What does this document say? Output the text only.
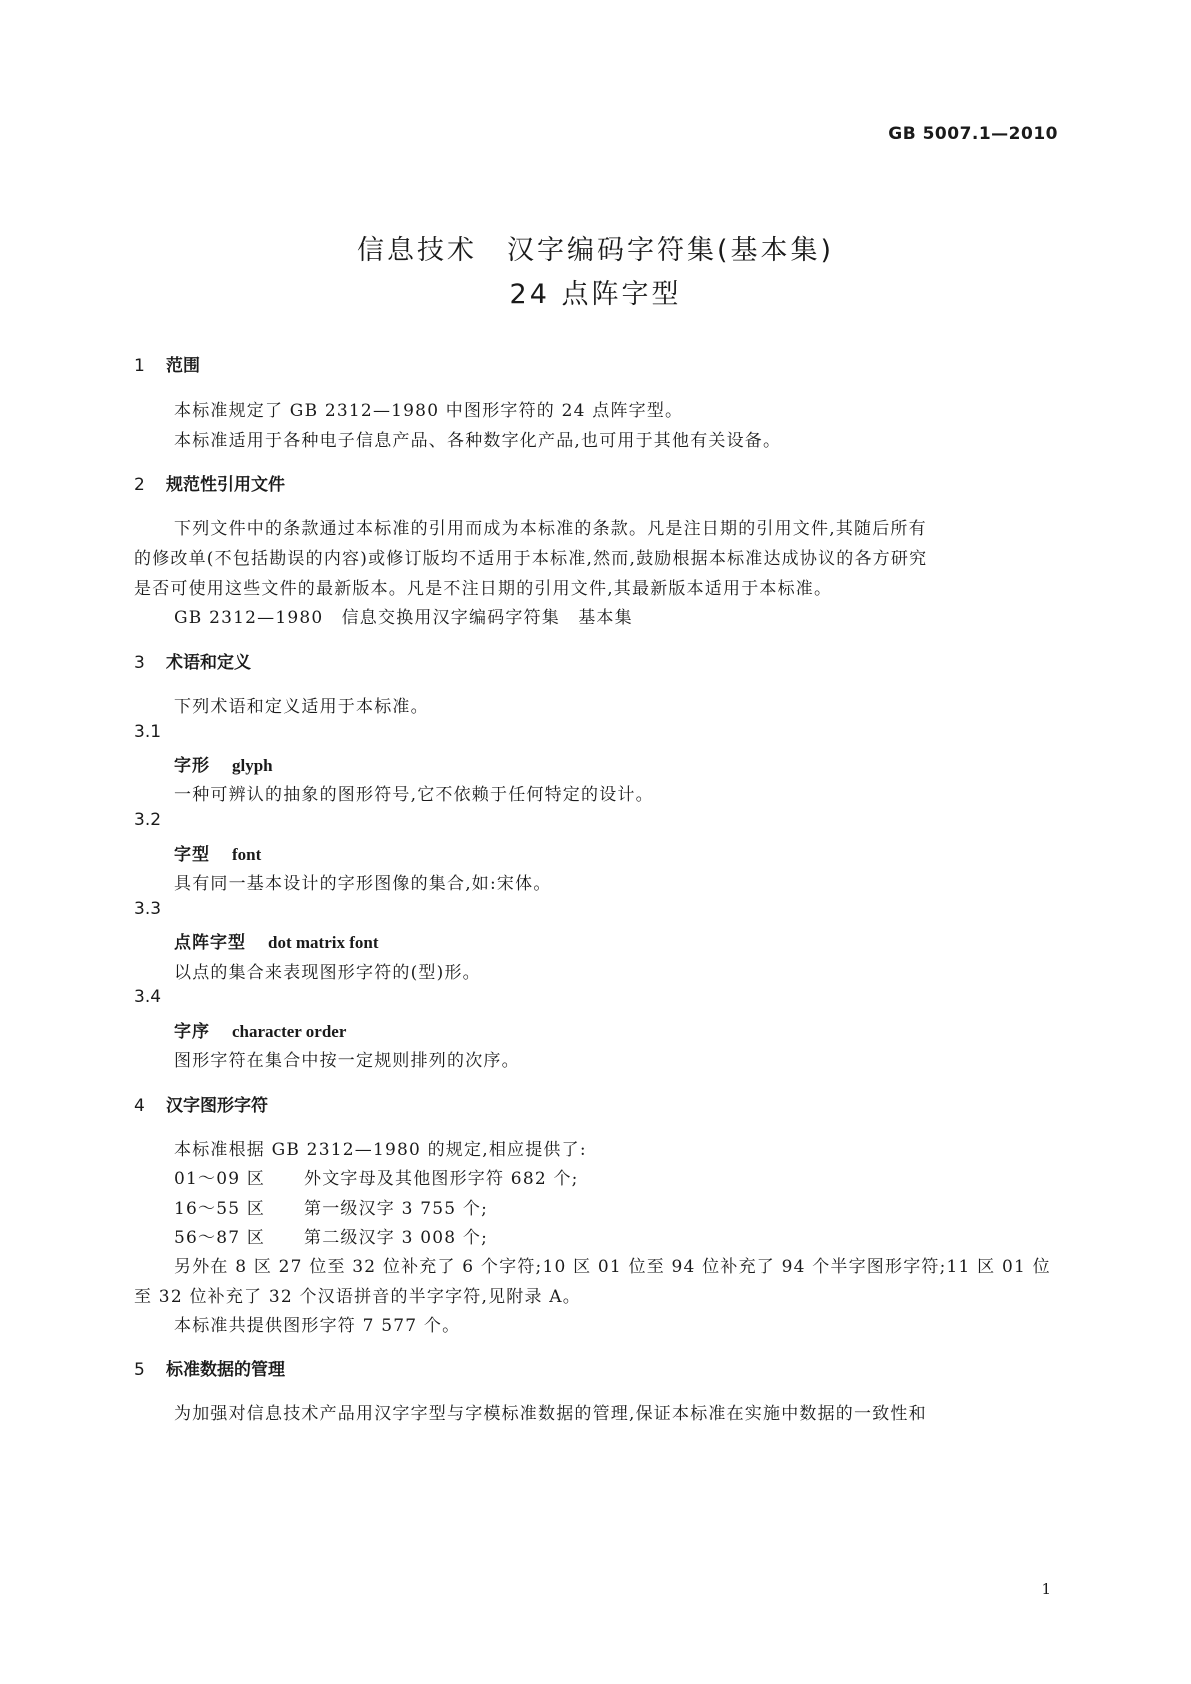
GB 5007.1—2010
信息技术　汉字编码字符集(基本集)
24 点阵字型
1 范围
本标准规定了 GB 2312—1980 中图形字符的 24 点阵字型。
本标准适用于各种电子信息产品、各种数字化产品,也可用于其他有关设备。
2 规范性引用文件
下列文件中的条款通过本标准的引用而成为本标准的条款。凡是注日期的引用文件,其随后所有
的修改单(不包括勘误的内容)或修订版均不适用于本标准,然而,鼓励根据本标准达成协议的各方研究
是否可使用这些文件的最新版本。凡是不注日期的引用文件,其最新版本适用于本标准。
GB 2312—1980　信息交换用汉字编码字符集　基本集
3 术语和定义
下列术语和定义适用于本标准。
3.1
字形 glyph
一种可辨认的抽象的图形符号,它不依赖于任何特定的设计。
3.2
字型 font
具有同一基本设计的字形图像的集合,如:宋体。
3.3
点阵字型 dot matrix font
以点的集合来表现图形字符的(型)形。
3.4
字序 character order
图形字符在集合中按一定规则排列的次序。
4 汉字图形字符
本标准根据 GB 2312—1980 的规定,相应提供了:
01～09 区 外文字母及其他图形字符 682 个;
16～55 区 第一级汉字 3 755 个;
56～87 区 第二级汉字 3 008 个;
另外在 8 区 27 位至 32 位补充了 6 个字符;10 区 01 位至 94 位补充了 94 个半字图形字符;11 区 01 位
至 32 位补充了 32 个汉语拼音的半字字符,见附录 A。
本标准共提供图形字符 7 577 个。
5 标准数据的管理
为加强对信息技术产品用汉字字型与字模标准数据的管理,保证本标准在实施中数据的一致性和
1
